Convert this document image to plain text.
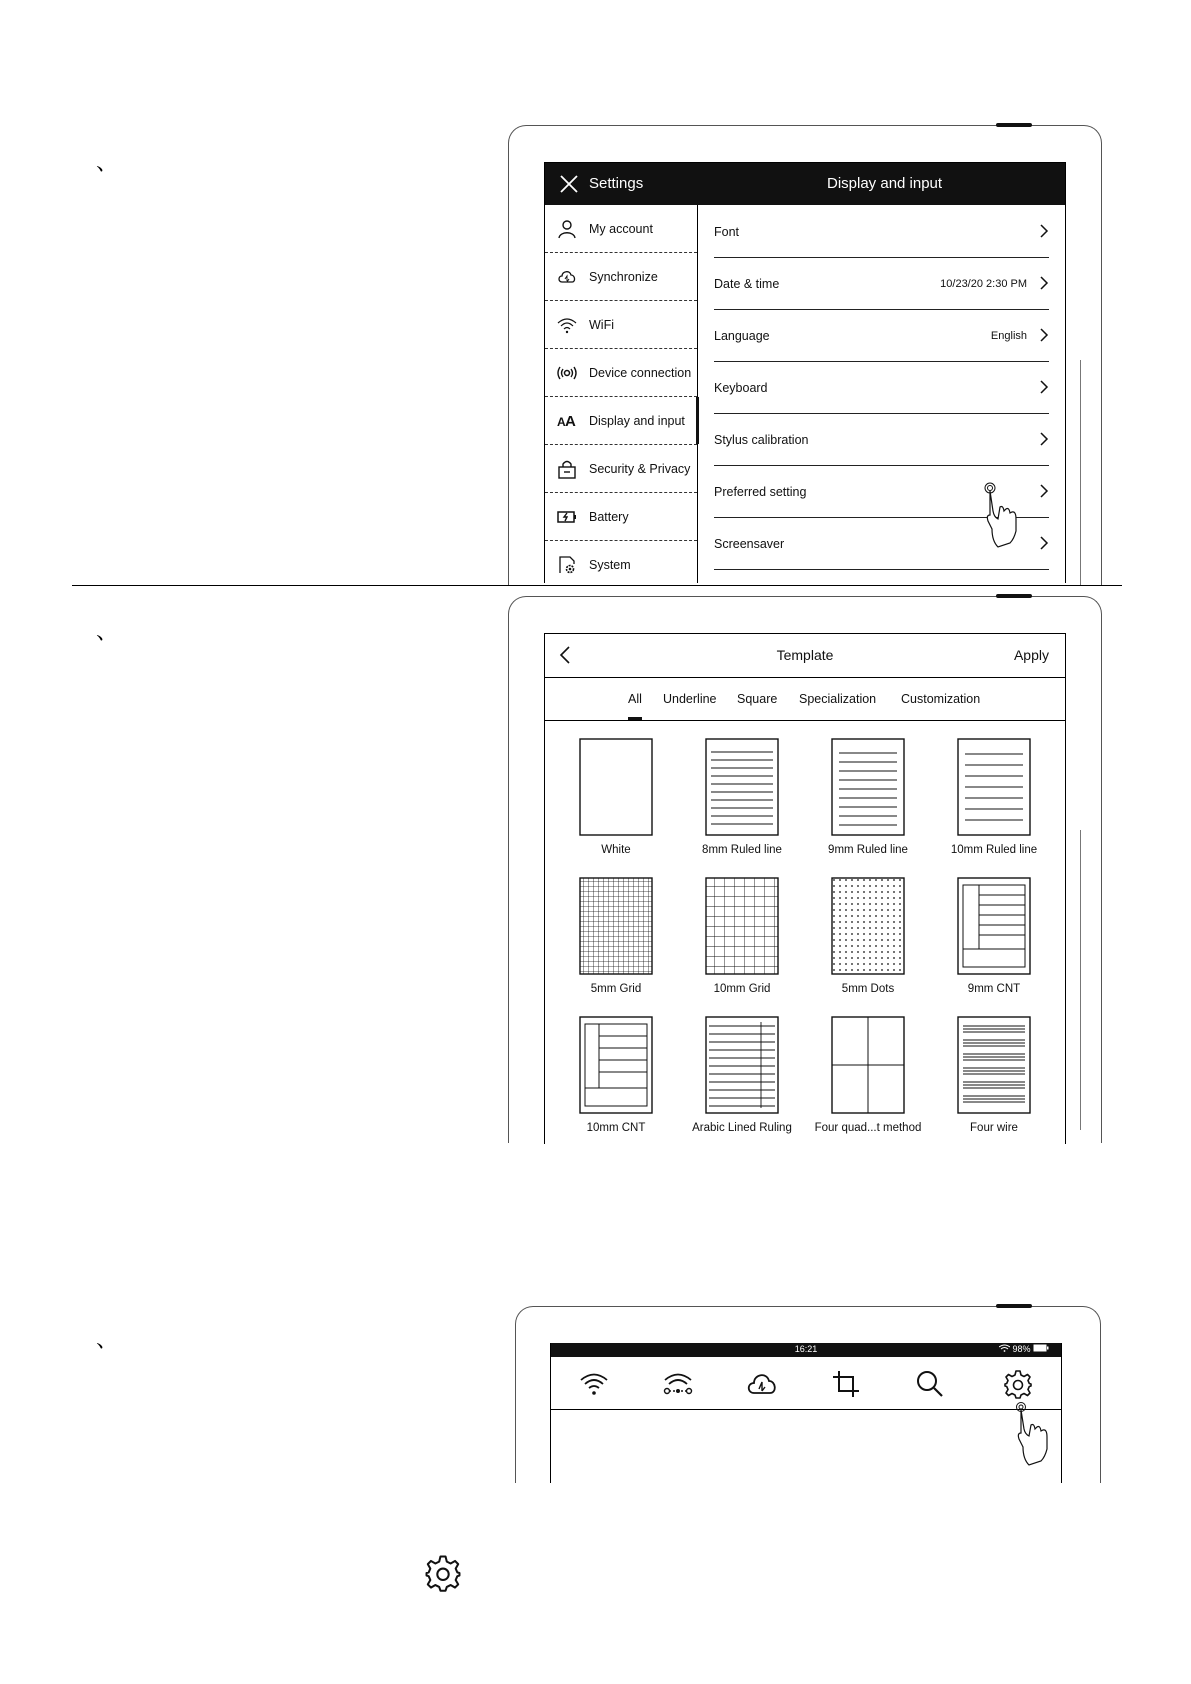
、
、
、
Settings	Display and input
My account
Synchronize
WiFi
Device connection
A A Display and input
Security & Privacy
Battery
System
Font
Date & time	10/23/20 2:30 PM
Language	English
Keyboard
Stylus calibration
Preferred setting
Screensaver
Template	Apply
All Underline Square Specialization Customization
White	8mm Ruled line	9mm Ruled line	10mm Ruled line
5mm Grid	10mm Grid	5mm Dots	9mm CNT
10mm CNT	Arabic Lined Ruling	Four quad...t method	Four wire
16:21	98%
